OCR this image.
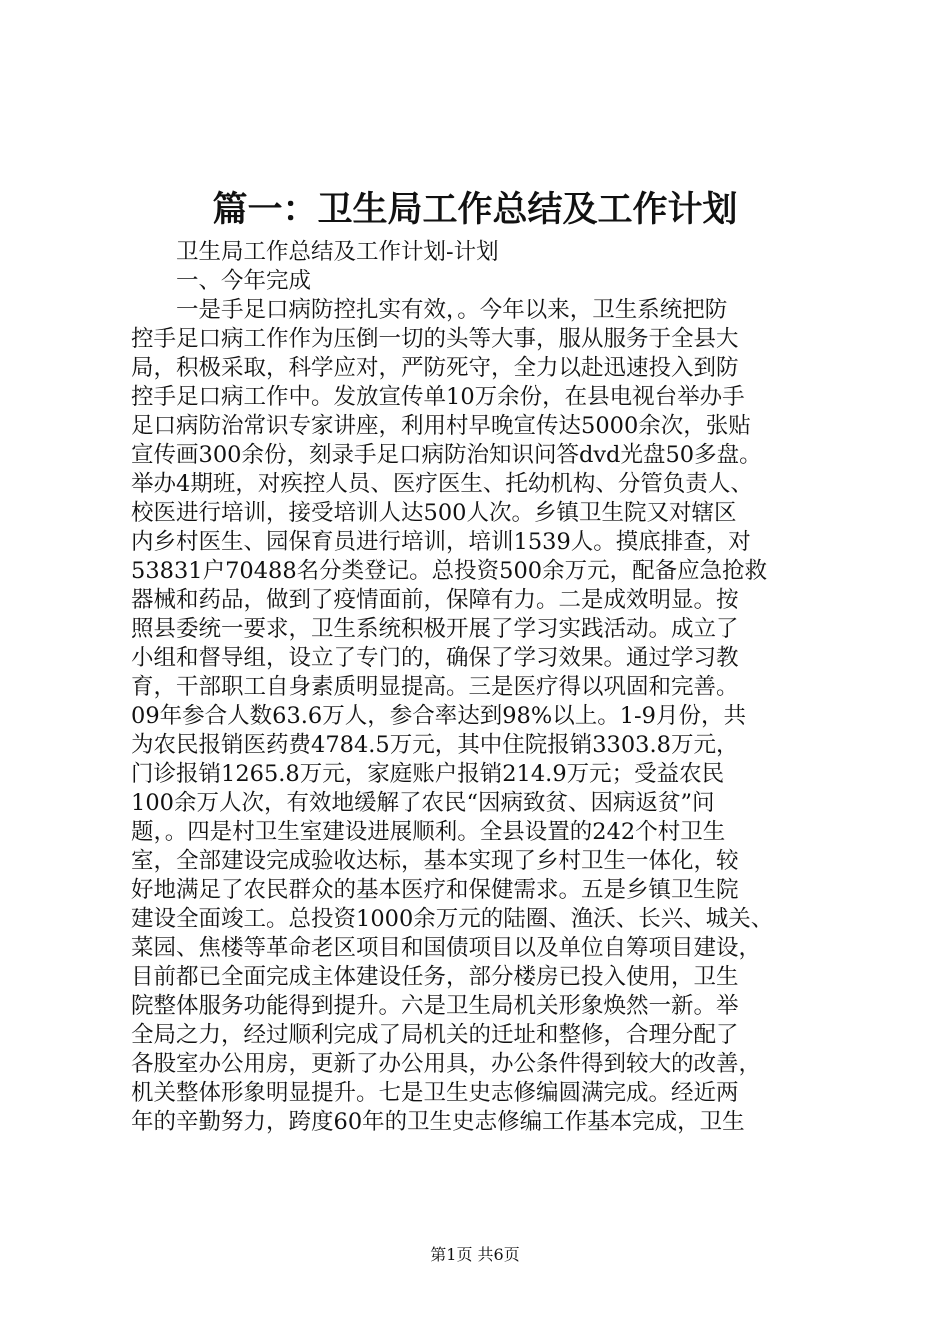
篇一：卫生局工作总结及工作计划
卫生局工作总结及工作计划-计划
一、今年完成
一是手足口病防控扎实有效，。今年以来，卫生系统把防
控手足口病工作作为压倒一切的头等大事，服从服务于全县大
局，积极采取，科学应对，严防死守，全力以赴迅速投入到防
控手足口病工作中。发放宣传单10万余份，在县电视台举办手
足口病防治常识专家讲座，利用村早晚宣传达5000余次，张贴
宣传画300余份，刻录手足口病防治知识问答dvd光盘50多盘。
举办4期班，对疾控人员、医疗医生、托幼机构、分管负责人、
校医进行培训，接受培训人达500人次。乡镇卫生院又对辖区
内乡村医生、园保育员进行培训，培训1539人。摸底排查，对
53831户70488名分类登记。总投资500余万元，配备应急抢救
器械和药品，做到了疫情面前，保障有力。二是成效明显。按
照县委统一要求，卫生系统积极开展了学习实践活动。成立了
小组和督导组，设立了专门的，确保了学习效果。通过学习教
育，干部职工自身素质明显提高。三是医疗得以巩固和完善。
09年参合人数63.6万人，参合率达到98%以上。1-9月份，共
为农民报销医药费4784.5万元，其中住院报销3303.8万元，
门诊报销1265.8万元，家庭账户报销214.9万元；受益农民
100余万人次，有效地缓解了农民“因病致贫、因病返贫”问
题，。四是村卫生室建设进展顺利。全县设置的242个村卫生
室，全部建设完成验收达标，基本实现了乡村卫生一体化，较
好地满足了农民群众的基本医疗和保健需求。五是乡镇卫生院
建设全面竣工。总投资1000余万元的陆圈、渔沃、长兴、城关、
菜园、焦楼等革命老区项目和国债项目以及单位自筹项目建设，
目前都已全面完成主体建设任务，部分楼房已投入使用，卫生
院整体服务功能得到提升。六是卫生局机关形象焕然一新。举
全局之力，经过顺利完成了局机关的迁址和整修，合理分配了
各股室办公用房，更新了办公用具，办公条件得到较大的改善，
机关整体形象明显提升。七是卫生史志修编圆满完成。经近两
年的辛勤努力，跨度60年的卫生史志修编工作基本完成，卫生
第1页 共6页
